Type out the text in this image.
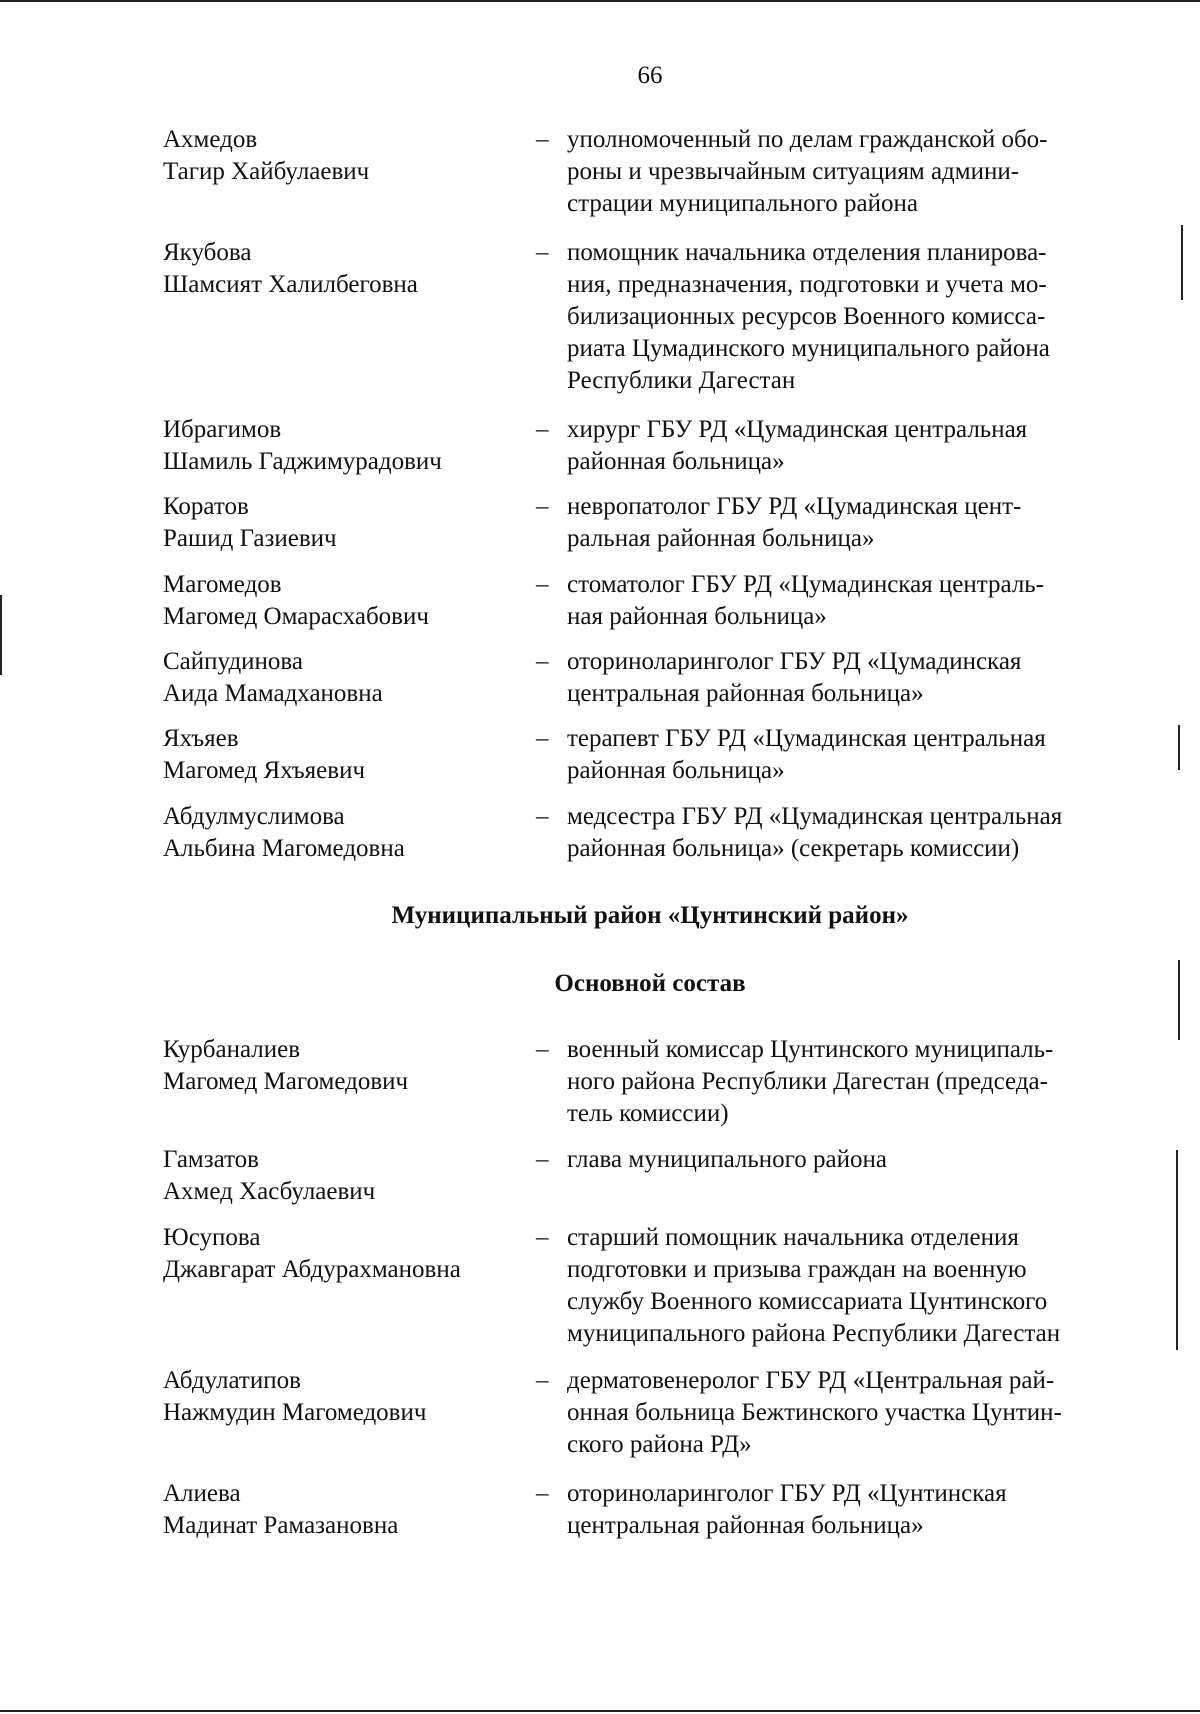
66
Ахмедов
Тагир Хайбулаевич
– уполномоченный по делам гражданской обо-
роны и чрезвычайным ситуациям админи-
страции муниципального района
Якубова
Шамсият Халилбеговна
– помощник начальника отделения планирова-
ния, предназначения, подготовки и учета мо-
билизационных ресурсов Военного комисса-
риата Цумадинского муниципального района
Республики Дагестан
Ибрагимов
Шамиль Гаджимурадович
– хирург ГБУ РД «Цумадинская центральная
районная больница»
Коратов
Рашид Газиевич
– невропатолог ГБУ РД «Цумадинская цент-
ральная районная больница»
Магомедов
Магомед Омарасхабович
– стоматолог ГБУ РД «Цумадинская централь-
ная районная больница»
Сайпудинова
Аида Мамадхановна
– оториноларинголог ГБУ РД «Цумадинская
центральная районная больница»
Яхъяев
Магомед Яхъяевич
– терапевт ГБУ РД «Цумадинская центральная
районная больница»
Абдулмуслимова
Альбина Магомедовна
– медсестра ГБУ РД «Цумадинская центральная
районная больница» (секретарь комиссии)
Муниципальный район «Цунтинский район»
Основной состав
Курбаналиев
Магомед Магомедович
– военный комиссар Цунтинского муниципаль-
ного района Республики Дагестан (председа-
тель комиссии)
Гамзатов
Ахмед Хасбулаевич
– глава муниципального района
Юсупова
Джавгарат Абдурахмановна
– старший помощник начальника отделения
подготовки и призыва граждан на военную
службу Военного комиссариата Цунтинского
муниципального района Республики Дагестан
Абдулатипов
Нажмудин Магомедович
– дерматовенеролог ГБУ РД «Центральная рай-
онная больница Бежтинского участка Цунтин-
ского района РД»
Алиева
Мадинат Рамазановна
– оториноларинголог ГБУ РД «Цунтинская
центральная районная больница»
